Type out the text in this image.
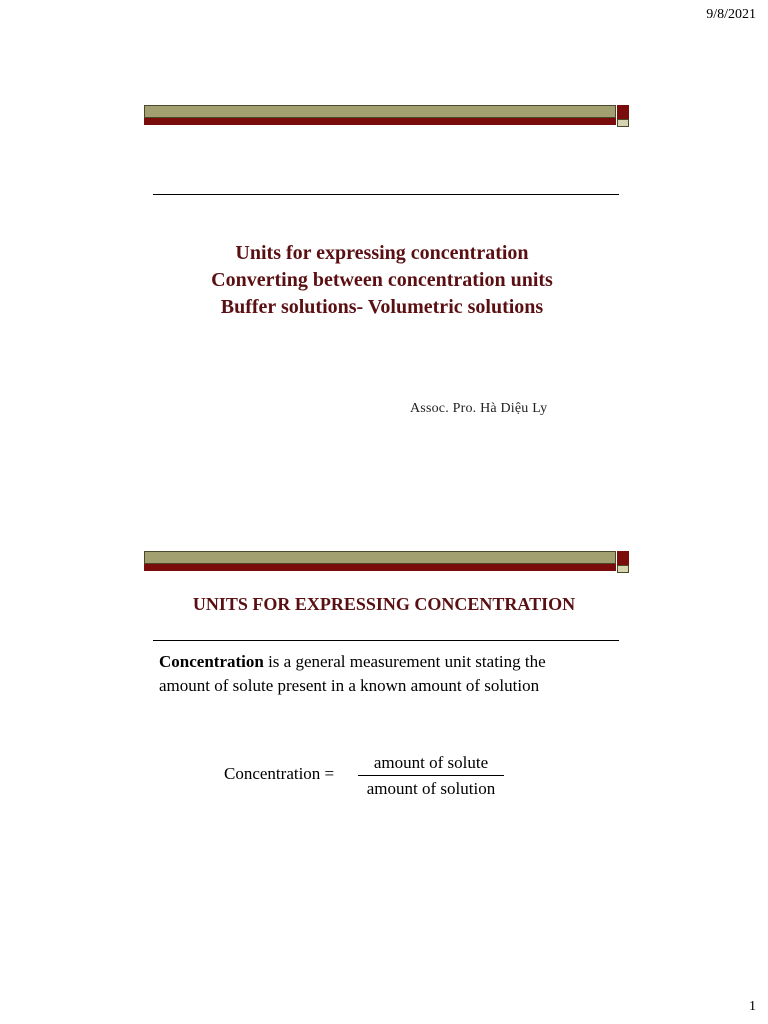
9/8/2021
Units for expressing concentration
Converting between concentration units
Buffer solutions- Volumetric solutions
Assoc. Pro. Hà Diệu Ly
UNITS FOR EXPRESSING CONCENTRATION
Concentration is a general measurement unit stating the amount of solute present in a known amount of solution
Concentration =
amount of solute
amount of solution
1
